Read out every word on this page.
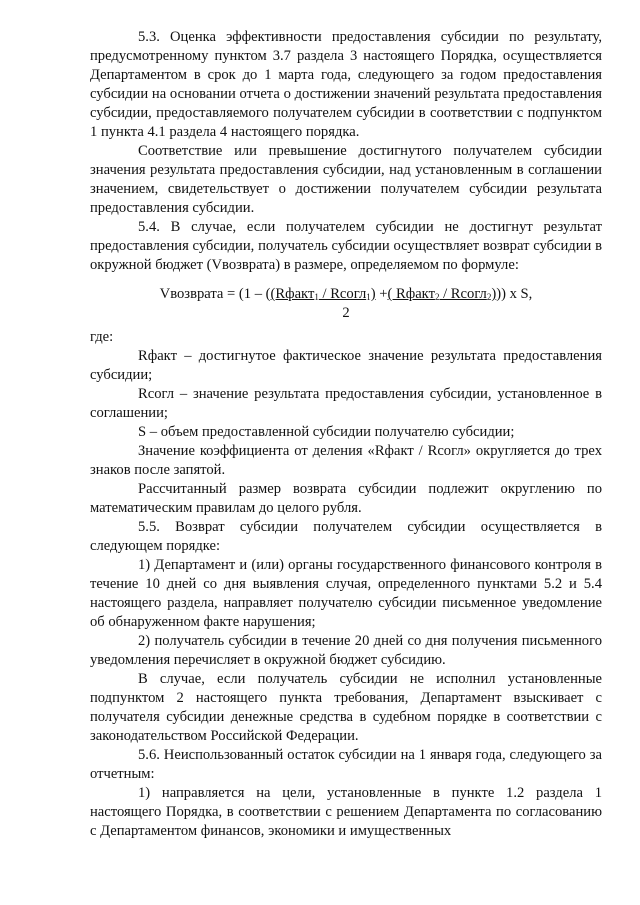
5.3. Оценка эффективности предоставления субсидии по результату, предусмотренному пунктом 3.7 раздела 3 настоящего Порядка, осуществляется Департаментом в срок до 1 марта года, следующего за годом предоставления субсидии на основании отчета о достижении значений результата предоставления субсидии, предоставляемого получателем субсидии в соответствии с подпунктом 1 пункта 4.1 раздела 4 настоящего порядка.

Соответствие или превышение достигнутого получателем субсидии значения результата предоставления субсидии, над установленным в соглашении значением, свидетельствует о достижении получателем субсидии результата предоставления субсидии.

5.4. В случае, если получателем субсидии не достигнут результат предоставления субсидии, получатель субсидии осуществляет возврат субсидии в окружной бюджет (Vвозврата) в размере, определяемом по формуле:

Vвозврата = (1 – ((Rфакт$_1$ / Rсогл$_1$) +( Rфакт$_2$ / Rсогл$_2$))) х S,
2

где:

Rфакт – достигнутое фактическое значение результата предоставления субсидии;

Rсогл – значение результата предоставления субсидии, установленное в соглашении;

S – объем предоставленной субсидии получателю субсидии;

Значение коэффициента от деления «Rфакт / Rсогл» округляется до трех знаков после запятой.

Рассчитанный размер возврата субсидии подлежит округлению по математическим правилам до целого рубля.

5.5. Возврат субсидии получателем субсидии осуществляется в следующем порядке:

1) Департамент и (или) органы государственного финансового контроля в течение 10 дней со дня выявления случая, определенного пунктами 5.2 и 5.4 настоящего раздела, направляет получателю субсидии письменное уведомление об обнаруженном факте нарушения;

2) получатель субсидии в течение 20 дней со дня получения письменного уведомления перечисляет в окружной бюджет субсидию.

В случае, если получатель субсидии не исполнил установленные подпунктом 2 настоящего пункта требования, Департамент взыскивает с получателя субсидии денежные средства в судебном порядке в соответствии с законодательством Российской Федерации.

5.6. Неиспользованный остаток субсидии на 1 января года, следующего за отчетным:

1) направляется на цели, установленные в пункте 1.2 раздела 1 настоящего Порядка, в соответствии с решением Департамента по согласованию с Департаментом финансов, экономики и имущественных
